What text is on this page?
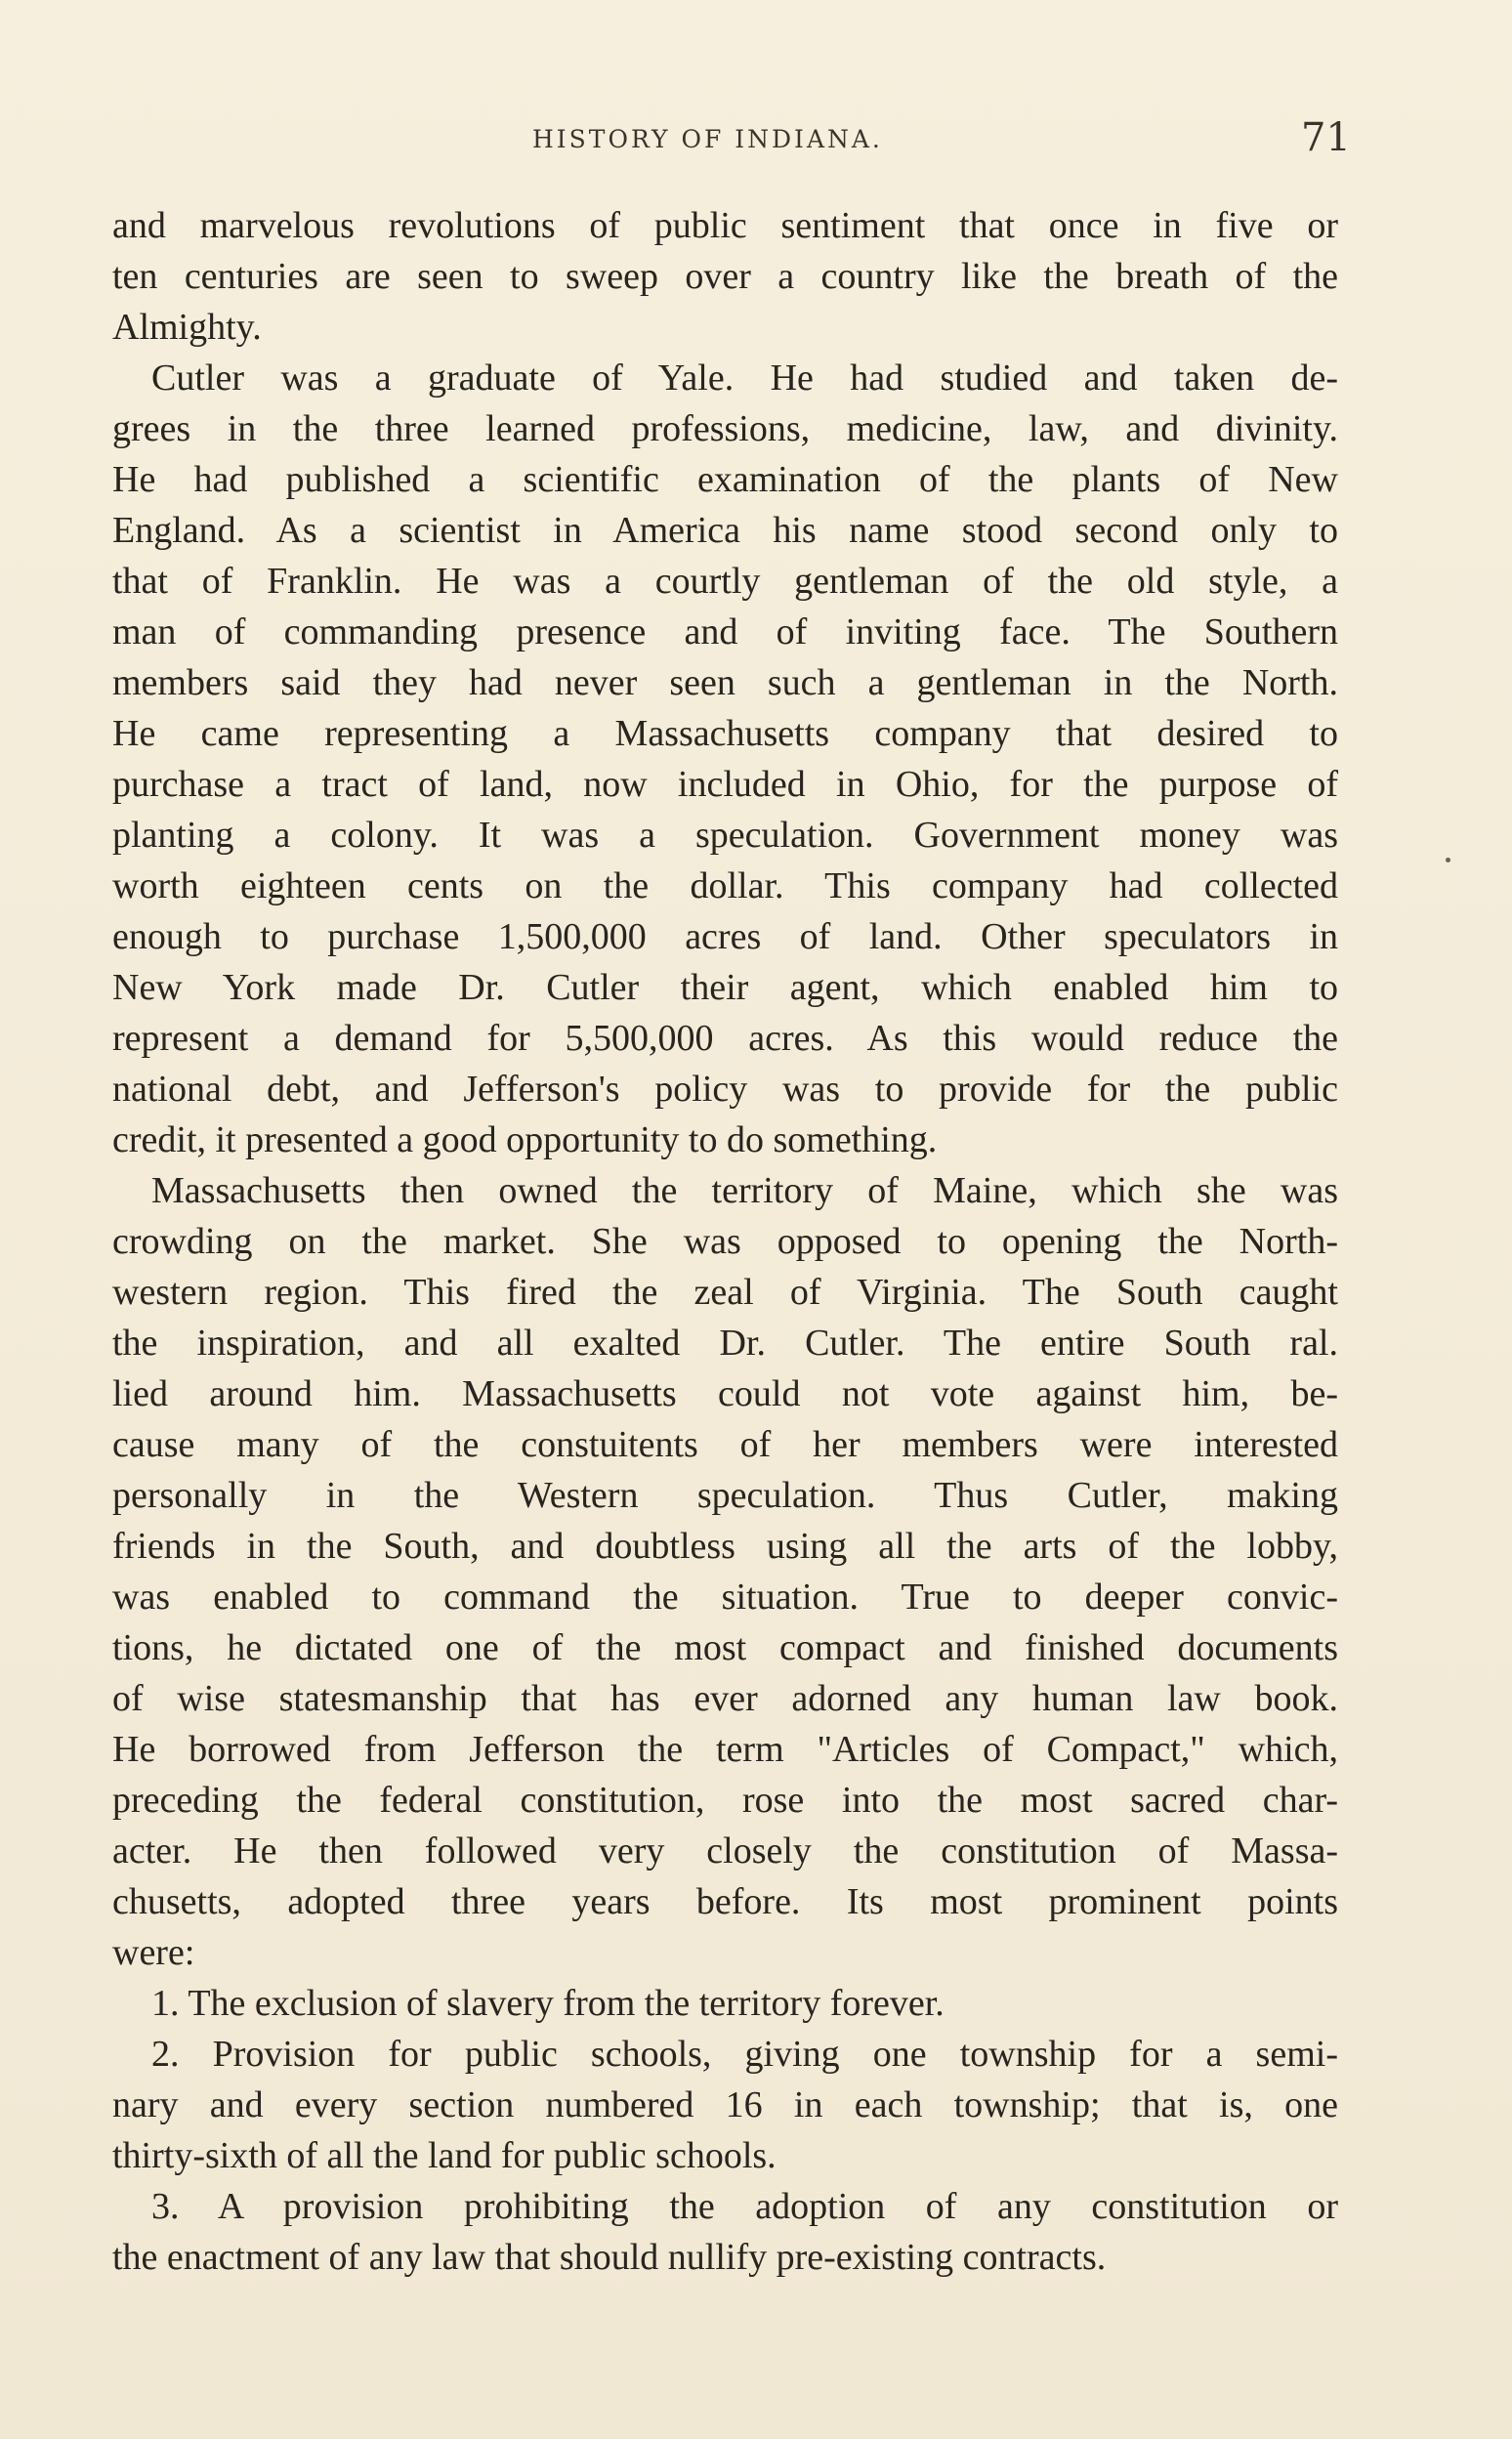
HISTORY OF INDIANA.	71
and marvelous revolutions of public sentiment that once in five or
ten centuries are seen to sweep over a country like the breath of the
Almighty.
Cutler was a graduate of Yale. He had studied and taken de-
grees in the three learned professions, medicine, law, and divinity.
He had published a scientific examination of the plants of New
England. As a scientist in America his name stood second only to
that of Franklin. He was a courtly gentleman of the old style, a
man of commanding presence and of inviting face. The Southern
members said they had never seen such a gentleman in the North.
He came representing a Massachusetts company that desired to
purchase a tract of land, now included in Ohio, for the purpose of
planting a colony. It was a speculation. Government money was
worth eighteen cents on the dollar. This company had collected
enough to purchase 1,500,000 acres of land. Other speculators in
New York made Dr. Cutler their agent, which enabled him to
represent a demand for 5,500,000 acres. As this would reduce the
national debt, and Jefferson's policy was to provide for the public
credit, it presented a good opportunity to do something.
Massachusetts then owned the territory of Maine, which she was
crowding on the market. She was opposed to opening the North-
western region. This fired the zeal of Virginia. The South caught
the inspiration, and all exalted Dr. Cutler. The entire South ral.
lied around him. Massachusetts could not vote against him, be-
cause many of the constuitents of her members were interested
personally in the Western speculation. Thus Cutler, making
friends in the South, and doubtless using all the arts of the lobby,
was enabled to command the situation. True to deeper convic-
tions, he dictated one of the most compact and finished documents
of wise statesmanship that has ever adorned any human law book.
He borrowed from Jefferson the term "Articles of Compact," which,
preceding the federal constitution, rose into the most sacred char-
acter. He then followed very closely the constitution of Massa-
chusetts, adopted three years before. Its most prominent points
were:
1. The exclusion of slavery from the territory forever.
2. Provision for public schools, giving one township for a semi-
nary and every section numbered 16 in each township; that is, one
thirty-sixth of all the land for public schools.
3. A provision prohibiting the adoption of any constitution or
the enactment of any law that should nullify pre-existing contracts.
